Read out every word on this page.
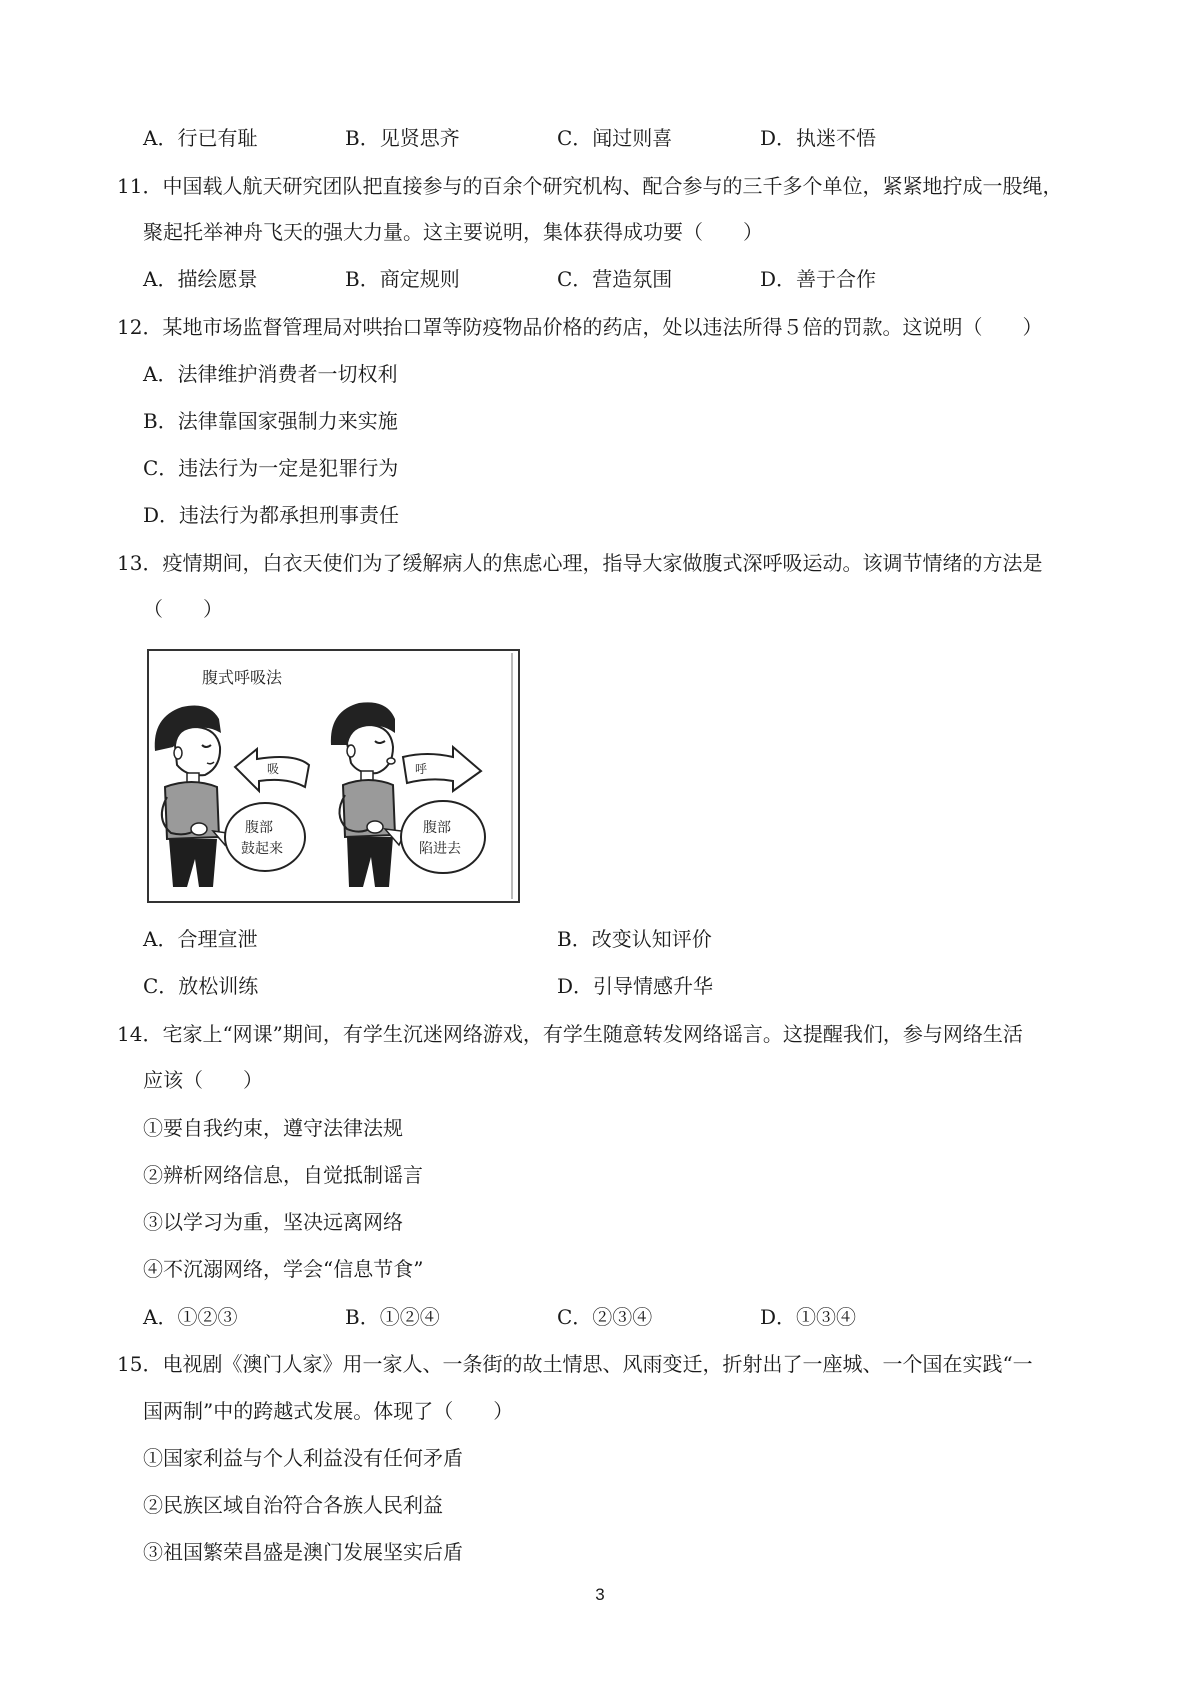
A．行已有耻	B．见贤思齐	C．闻过则喜	D．执迷不悟
11．中国载人航天研究团队把直接参与的百余个研究机构、配合参与的三千多个单位，紧紧地拧成一股绳，
聚起托举神舟飞天的强大力量。这主要说明，集体获得成功要（　　）
A．描绘愿景	B．商定规则	C．营造氛围	D．善于合作
12．某地市场监督管理局对哄抬口罩等防疫物品价格的药店，处以违法所得５倍的罚款。这说明（　　）
A．法律维护消费者一切权利
B．法律靠国家强制力来实施
C．违法行为一定是犯罪行为
D．违法行为都承担刑事责任
13．疫情期间，白衣天使们为了缓解病人的焦虑心理，指导大家做腹式深呼吸运动。该调节情绪的方法是
（　　）
腹式呼吸法
吸
腹部
鼓起来
呼
腹部
陷进去
A．合理宣泄	B．改变认知评价
C．放松训练	D．引导情感升华
14．宅家上“网课”期间，有学生沉迷网络游戏，有学生随意转发网络谣言。这提醒我们，参与网络生活
应该（　　）
①要自我约束，遵守法律法规
②辨析网络信息，自觉抵制谣言
③以学习为重，坚决远离网络
④不沉溺网络，学会“信息节食”
A．①②③	B．①②④	C．②③④	D．①③④
15．电视剧《澳门人家》用一家人、一条街的故土情思、风雨变迁，折射出了一座城、一个国在实践“一
国两制”中的跨越式发展。体现了（　　）
①国家利益与个人利益没有任何矛盾
②民族区域自治符合各族人民利益
③祖国繁荣昌盛是澳门发展坚实后盾
3
